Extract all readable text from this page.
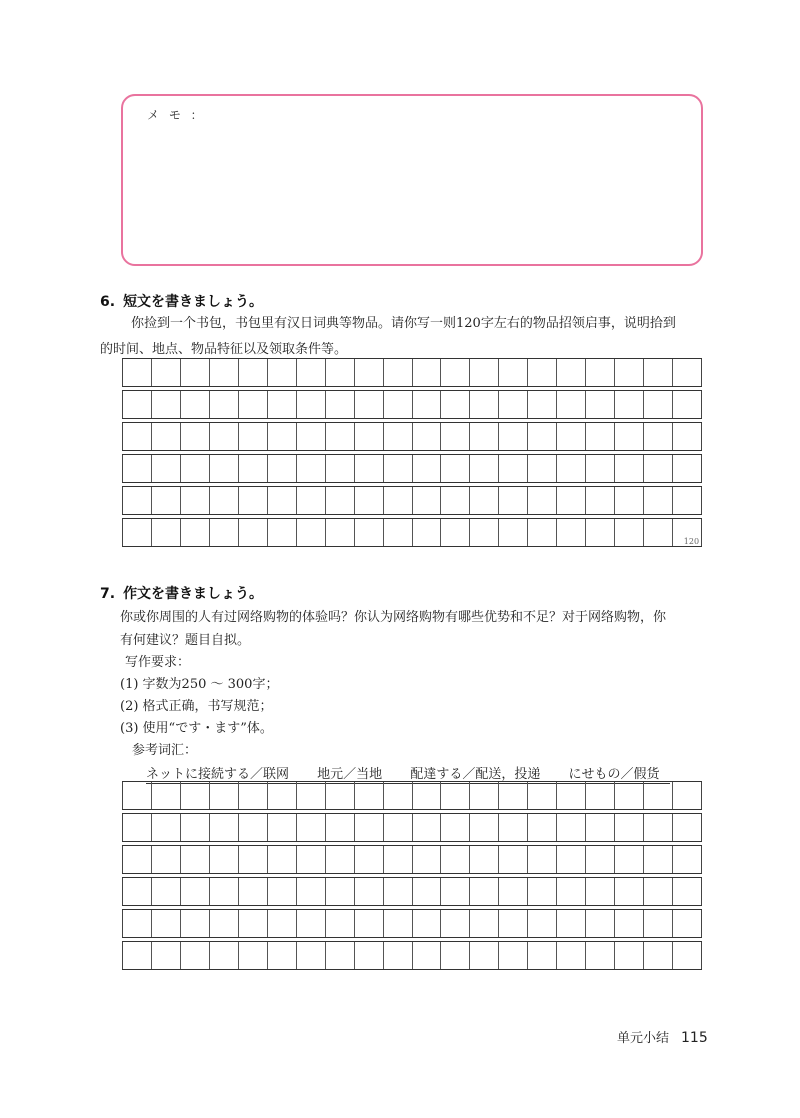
メ モ ：
6. 短文を書きましょう。
你捡到一个书包，书包里有汉日词典等物品。请你写一则120字左右的物品招领启事，说明拾到
的时间、地点、物品特征以及领取条件等。
120
7. 作文を書きましょう。
你或你周围的人有过网络购物的体验吗？你认为网络购物有哪些优势和不足？对于网络购物，你
有何建议？题目自拟。
写作要求：
(1) 字数为250 ～ 300字；
(2) 格式正确，书写规范；
(3) 使用“です・ます”体。
参考词汇：
ネットに接続する／联网 地元／当地 配達する／配送，投递 にせもの／假货
单元小结 115
